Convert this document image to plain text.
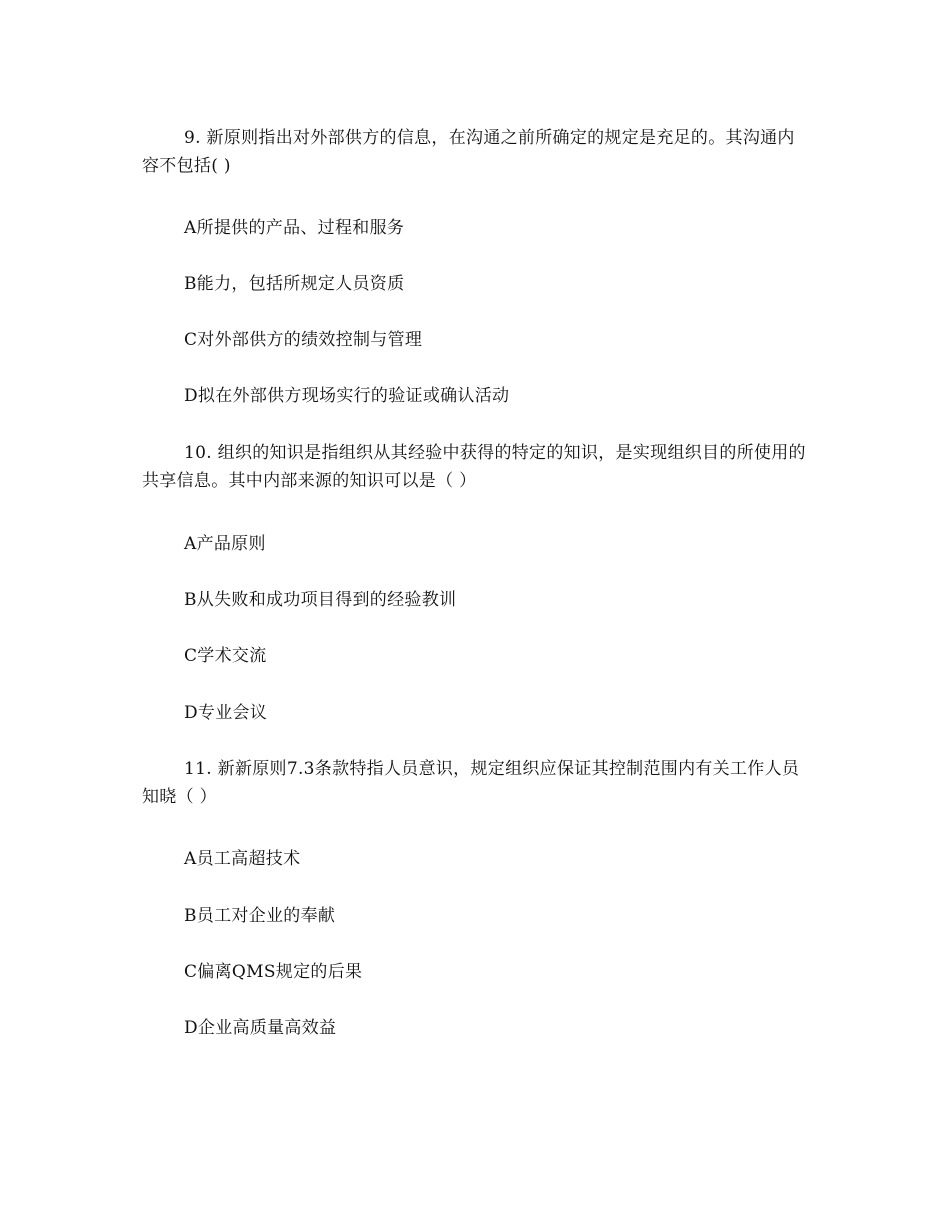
9. 新原则指出对外部供方的信息，在沟通之前所确定的规定是充足的。其沟通内容不包括( )
A所提供的产品、过程和服务
B能力，包括所规定人员资质
C对外部供方的绩效控制与管理
D拟在外部供方现场实行的验证或确认活动
10. 组织的知识是指组织从其经验中获得的特定的知识，是实现组织目的所使用的共享信息。其中内部来源的知识可以是（ ）
A产品原则
B从失败和成功项目得到的经验教训
C学术交流
D专业会议
11. 新新原则7.3条款特指人员意识，规定组织应保证其控制范围内有关工作人员知晓（ ）
A员工高超技术
B员工对企业的奉献
C偏离QMS规定的后果
D企业高质量高效益
